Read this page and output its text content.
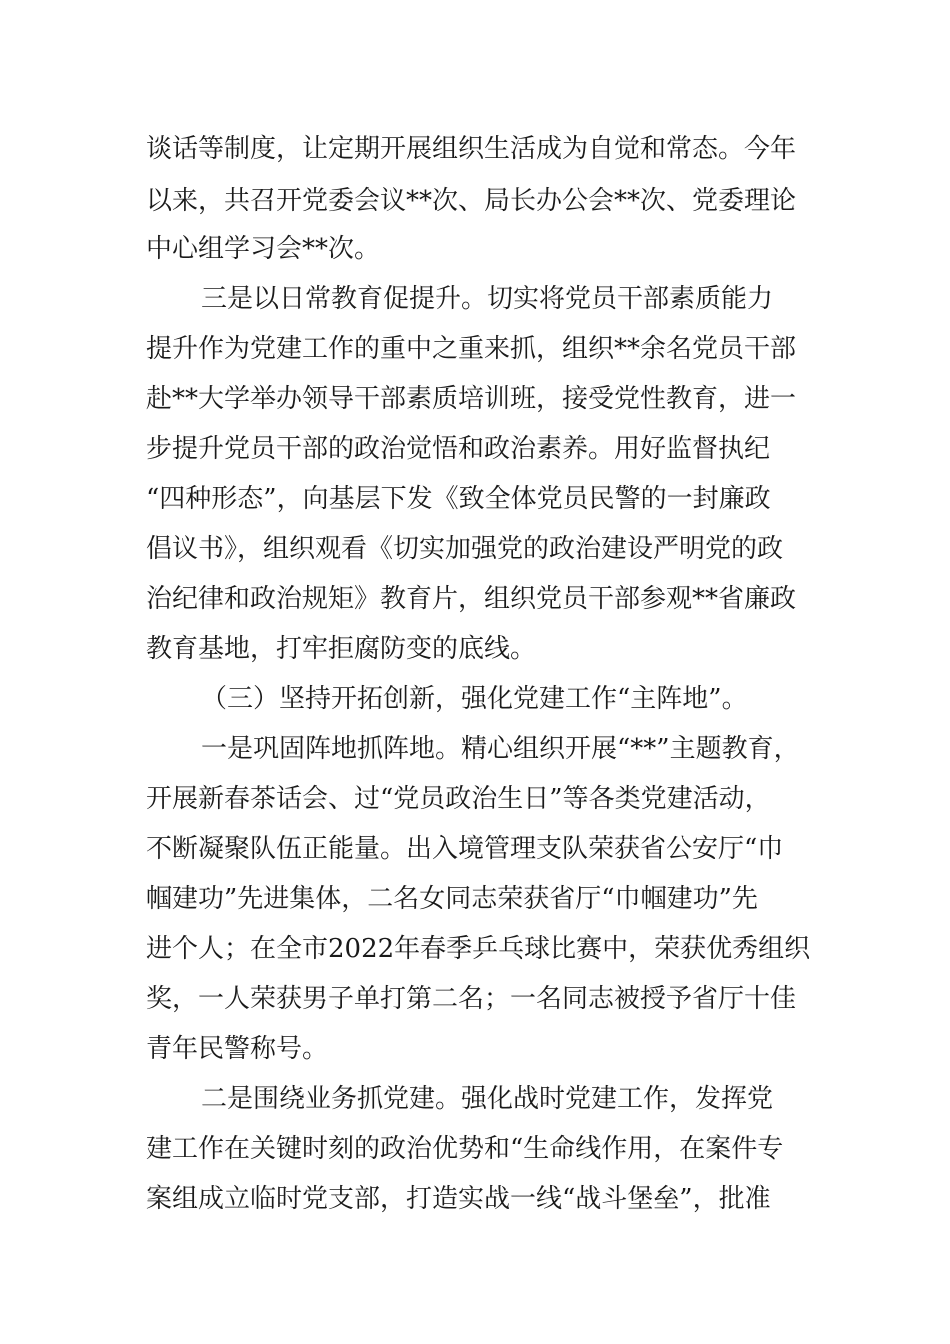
谈话等制度，让定期开展组织生活成为自觉和常态。今年
以来，共召开党委会议**次、局长办公会**次、党委理论
中心组学习会**次。
三是以日常教育促提升。切实将党员干部素质能力
提升作为党建工作的重中之重来抓，组织**余名党员干部
赴**大学举办领导干部素质培训班，接受党性教育，进一
步提升党员干部的政治觉悟和政治素养。用好监督执纪
“四种形态”，向基层下发《致全体党员民警的一封廉政
倡议书》，组织观看《切实加强党的政治建设严明党的政
治纪律和政治规矩》教育片，组织党员干部参观**省廉政
教育基地，打牢拒腐防变的底线。
（三）坚持开拓创新，强化党建工作“主阵地”。
一是巩固阵地抓阵地。精心组织开展“**”主题教育，
开展新春茶话会、过“党员政治生日”等各类党建活动，
不断凝聚队伍正能量。出入境管理支队荣获省公安厅“巾
帼建功”先进集体，二名女同志荣获省厅“巾帼建功”先
进个人；在全市2022年春季乒乓球比赛中，荣获优秀组织
奖，一人荣获男子单打第二名；一名同志被授予省厅十佳
青年民警称号。
二是围绕业务抓党建。强化战时党建工作，发挥党
建工作在关键时刻的政治优势和“生命线作用，在案件专
案组成立临时党支部，打造实战一线“战斗堡垒”，批准
